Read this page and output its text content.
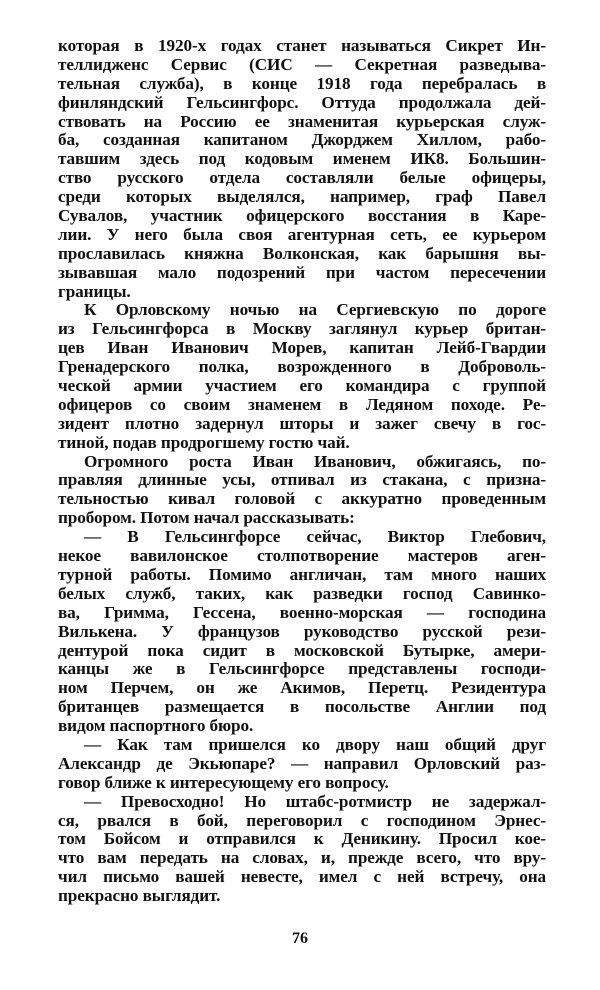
которая в 1920-х годах станет называться Сикрет Ин-
теллидженс Сервис (СИС — Секретная разведыва-
тельная служба), в конце 1918 года перебралась в
финляндский Гельсингфорс. Оттуда продолжала дей-
ствовать на Россию ее знаменитая курьерская служ-
ба, созданная капитаном Джорджем Хиллом, рабо-
тавшим здесь под кодовым именем ИК8. Большин-
ство русского отдела составляли белые офицеры,
среди которых выделялся, например, граф Павел
Сувалов, участник офицерского восстания в Каре-
лии. У него была своя агентурная сеть, ее курьером
прославилась княжна Волконская, как барышня вы-
зывавшая мало подозрений при частом пересечении
границы.
К Орловскому ночью на Сергиевскую по дороге
из Гельсингфорса в Москву заглянул курьер британ-
цев Иван Иванович Морев, капитан Лейб-Гвардии
Гренадерского полка, возрожденного в Доброволь-
ческой армии участием его командира с группой
офицеров со своим знаменем в Ледяном походе. Ре-
зидент плотно задернул шторы и зажег свечу в гос-
тиной, подав продрогшему гостю чай.
Огромного роста Иван Иванович, обжигаясь, по-
правляя длинные усы, отпивал из стакана, с призна-
тельностью кивал головой с аккуратно проведенным
пробором. Потом начал рассказывать:
— В Гельсингфорсе сейчас, Виктор Глебович,
некое вавилонское столпотворение мастеров аген-
турной работы. Помимо англичан, там много наших
белых служб, таких, как разведки господ Савинко-
ва, Гримма, Гессена, военно-морская — господина
Вилькена. У французов руководство русской рези-
дентурой пока сидит в московской Бутырке, амери-
канцы же в Гельсингфорсе представлены господи-
ном Перчем, он же Акимов, Перетц. Резидентура
британцев размещается в посольстве Англии под
видом паспортного бюро.
— Как там пришелся ко двору наш общий друг
Александр де Экьюпаре? — направил Орловский раз-
говор ближе к интересующему его вопросу.
— Превосходно! Но штабс-ротмистр не задержал-
ся, рвался в бой, переговорил с господином Эрнес-
том Бойсом и отправился к Деникину. Просил кое-
что вам передать на словах, и, прежде всего, что вру-
чил письмо вашей невесте, имел с ней встречу, она
прекрасно выглядит.
76
